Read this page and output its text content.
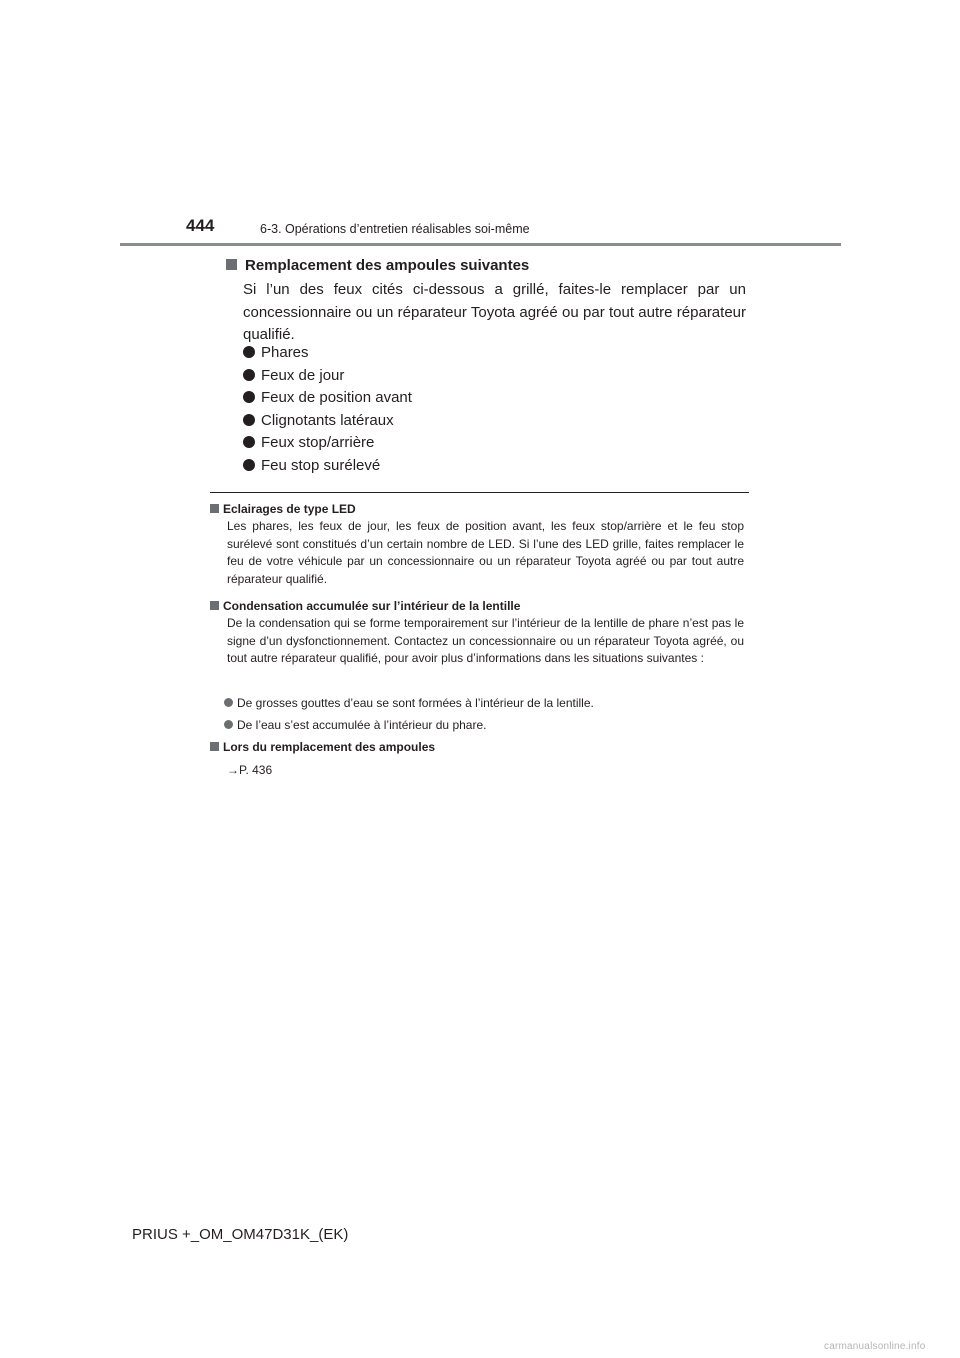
444	6-3. Opérations d’entretien réalisables soi-même
Remplacement des ampoules suivantes
Si l’un des feux cités ci-dessous a grillé, faites-le remplacer par un concessionnaire ou un réparateur Toyota agréé ou par tout autre réparateur qualifié.
Phares
Feux de jour
Feux de position avant
Clignotants latéraux
Feux stop/arrière
Feu stop surélevé
Eclairages de type LED
Les phares, les feux de jour, les feux de position avant, les feux stop/arrière et le feu stop surélevé sont constitués d’un certain nombre de LED. Si l’une des LED grille, faites remplacer le feu de votre véhicule par un concessionnaire ou un réparateur Toyota agréé ou par tout autre réparateur qualifié.
Condensation accumulée sur l’intérieur de la lentille
De la condensation qui se forme temporairement sur l’intérieur de la lentille de phare n’est pas le signe d’un dysfonctionnement. Contactez un concessionnaire ou un réparateur Toyota agréé, ou tout autre réparateur qualifié, pour avoir plus d’informations dans les situations suivantes :
De grosses gouttes d’eau se sont formées à l’intérieur de la lentille.
De l’eau s’est accumulée à l’intérieur du phare.
Lors du remplacement des ampoules
→P. 436
PRIUS +_OM_OM47D31K_(EK)
carmanualsonline.info
